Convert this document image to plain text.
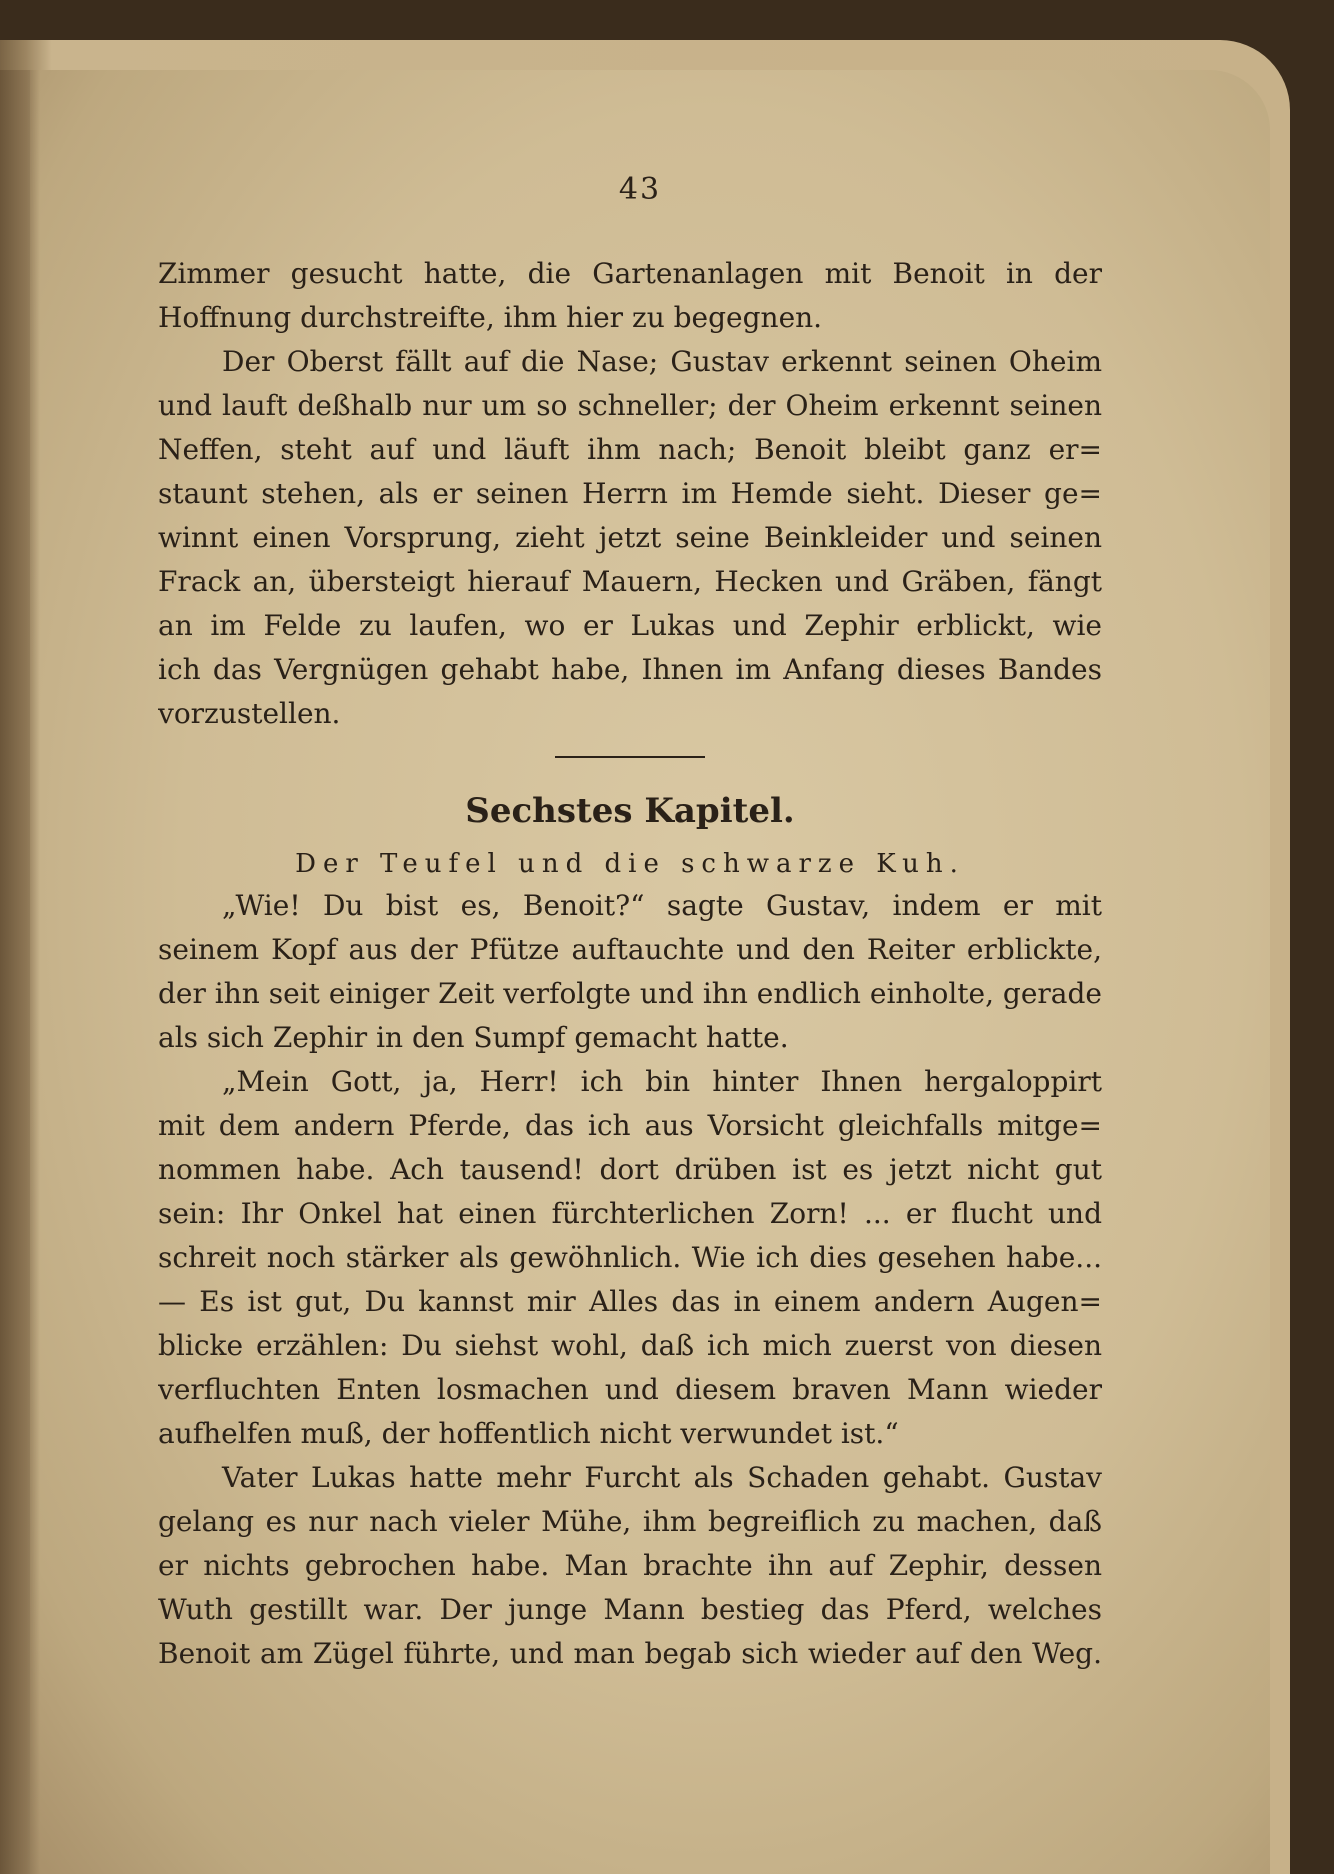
43
Zimmer gesucht hatte, die Gartenanlagen mit Benoit in der
Hoffnung durchstreifte, ihm hier zu begegnen.
Der Oberst fällt auf die Nase; Gustav erkennt seinen Oheim
und lauft deßhalb nur um so schneller; der Oheim erkennt seinen
Neffen, steht auf und läuft ihm nach; Benoit bleibt ganz er=
staunt stehen, als er seinen Herrn im Hemde sieht. Dieser ge=
winnt einen Vorsprung, zieht jetzt seine Beinkleider und seinen
Frack an, übersteigt hierauf Mauern, Hecken und Gräben, fängt
an im Felde zu laufen, wo er Lukas und Zephir erblickt, wie
ich das Vergnügen gehabt habe, Ihnen im Anfang dieses Bandes
vorzustellen.
Sechstes Kapitel.
Der Teufel und die schwarze Kuh.
„Wie! Du bist es, Benoit?“ sagte Gustav, indem er mit
seinem Kopf aus der Pfütze auftauchte und den Reiter erblickte,
der ihn seit einiger Zeit verfolgte und ihn endlich einholte, gerade
als sich Zephir in den Sumpf gemacht hatte.
„Mein Gott, ja, Herr! ich bin hinter Ihnen hergaloppirt
mit dem andern Pferde, das ich aus Vorsicht gleichfalls mitge=
nommen habe. Ach tausend! dort drüben ist es jetzt nicht gut
sein: Ihr Onkel hat einen fürchterlichen Zorn! ... er flucht und
schreit noch stärker als gewöhnlich. Wie ich dies gesehen habe...
— Es ist gut, Du kannst mir Alles das in einem andern Augen=
blicke erzählen: Du siehst wohl, daß ich mich zuerst von diesen
verfluchten Enten losmachen und diesem braven Mann wieder
aufhelfen muß, der hoffentlich nicht verwundet ist.“
Vater Lukas hatte mehr Furcht als Schaden gehabt. Gustav
gelang es nur nach vieler Mühe, ihm begreiflich zu machen, daß
er nichts gebrochen habe. Man brachte ihn auf Zephir, dessen
Wuth gestillt war. Der junge Mann bestieg das Pferd, welches
Benoit am Zügel führte, und man begab sich wieder auf den Weg.
